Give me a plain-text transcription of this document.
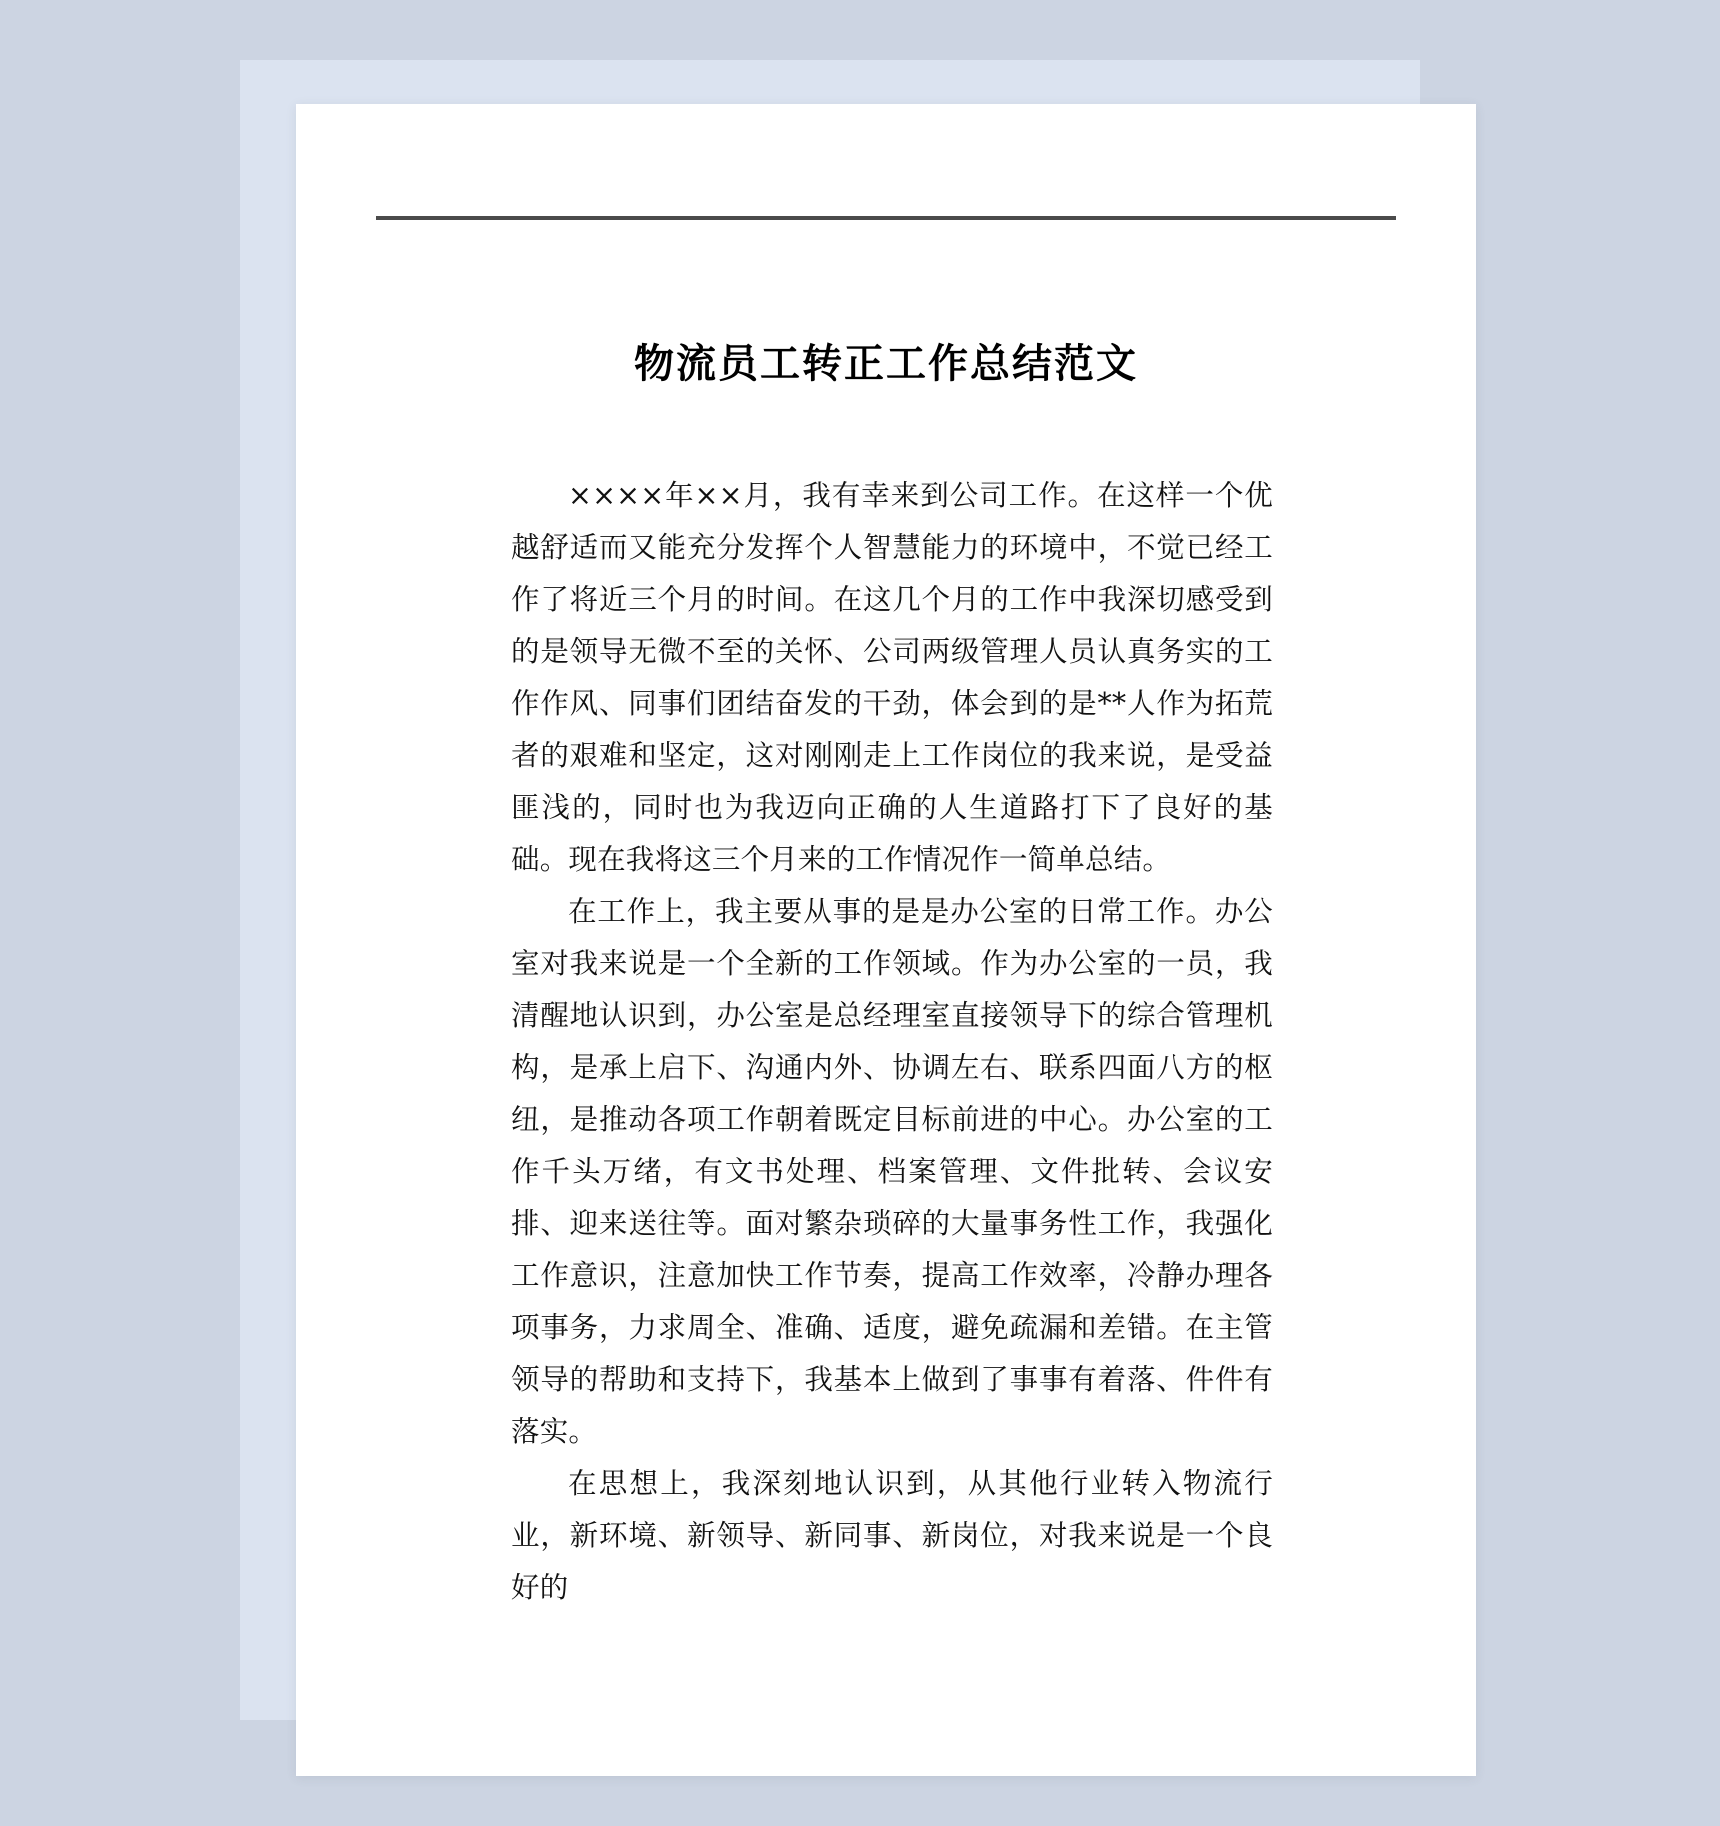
物流员工转正工作总结范文

××××年××月，我有幸来到公司工作。在这样一个优越舒适而又能充分发挥个人智慧能力的环境中，不觉已经工作了将近三个月的时间。在这几个月的工作中我深切感受到的是领导无微不至的关怀、公司两级管理人员认真务实的工作作风、同事们团结奋发的干劲，体会到的是**人作为拓荒者的艰难和坚定，这对刚刚走上工作岗位的我来说，是受益匪浅的，同时也为我迈向正确的人生道路打下了良好的基础。现在我将这三个月来的工作情况作一简单总结。

在工作上，我主要从事的是是办公室的日常工作。办公室对我来说是一个全新的工作领域。作为办公室的一员，我清醒地认识到，办公室是总经理室直接领导下的综合管理机构，是承上启下、沟通内外、协调左右、联系四面八方的枢纽，是推动各项工作朝着既定目标前进的中心。办公室的工作千头万绪，有文书处理、档案管理、文件批转、会议安排、迎来送往等。面对繁杂琐碎的大量事务性工作，我强化工作意识，注意加快工作节奏，提高工作效率，冷静办理各项事务，力求周全、准确、适度，避免疏漏和差错。在主管领导的帮助和支持下，我基本上做到了事事有着落、件件有落实。

在思想上，我深刻地认识到，从其他行业转入物流行业，新环境、新领导、新同事、新岗位，对我来说是一个良好的
